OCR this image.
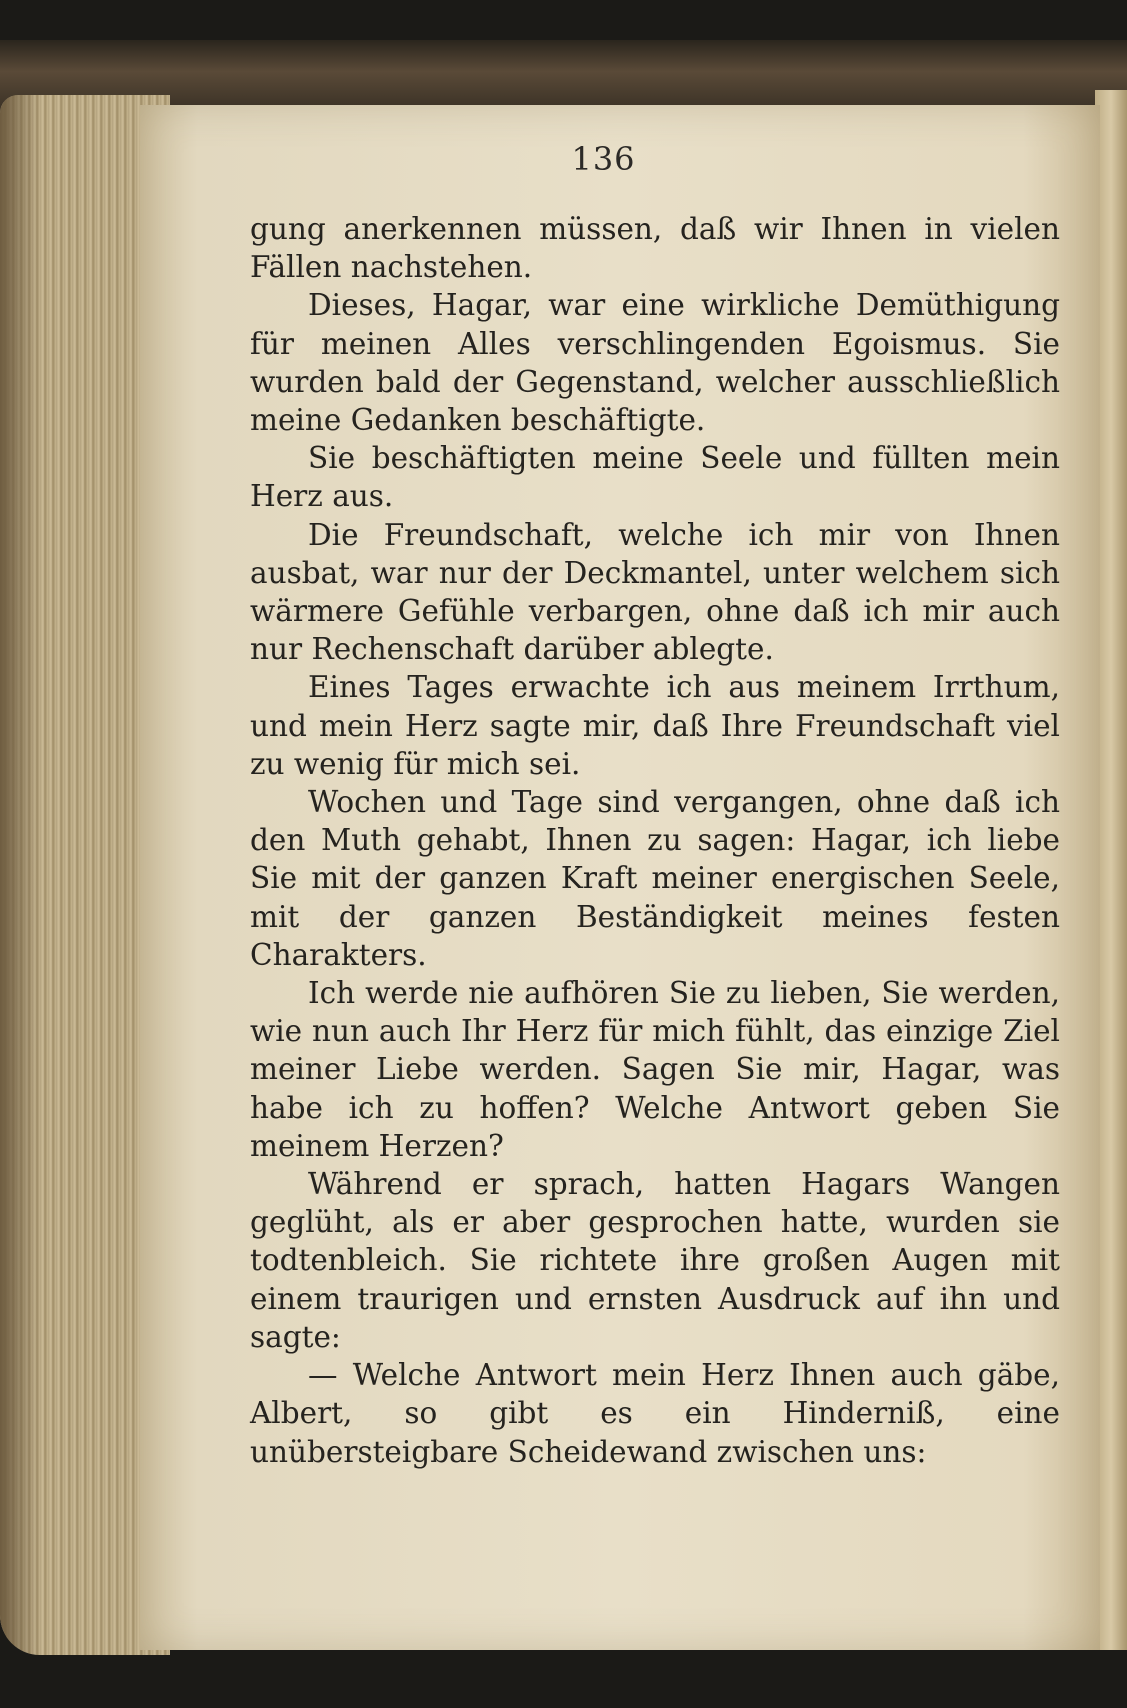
136

gung anerkennen müssen, daß wir Ihnen in vielen Fällen nachstehen.

Dieses, Hagar, war eine wirkliche Demüthigung für meinen Alles verschlingenden Egoismus. Sie wurden bald der Gegenstand, welcher ausschließlich meine Gedanken beschäftigte.

Sie beschäftigten meine Seele und füllten mein Herz aus.

Die Freundschaft, welche ich mir von Ihnen ausbat, war nur der Deckmantel, unter welchem sich wärmere Gefühle verbargen, ohne daß ich mir auch nur Rechenschaft darüber ablegte.

Eines Tages erwachte ich aus meinem Irrthum, und mein Herz sagte mir, daß Ihre Freundschaft viel zu wenig für mich sei.

Wochen und Tage sind vergangen, ohne daß ich den Muth gehabt, Ihnen zu sagen: Hagar, ich liebe Sie mit der ganzen Kraft meiner energischen Seele, mit der ganzen Beständigkeit meines festen Charakters.

Ich werde nie aufhören Sie zu lieben, Sie werden, wie nun auch Ihr Herz für mich fühlt, das einzige Ziel meiner Liebe werden. Sagen Sie mir, Hagar, was habe ich zu hoffen? Welche Antwort geben Sie meinem Herzen?

Während er sprach, hatten Hagars Wangen geglüht, als er aber gesprochen hatte, wurden sie todtenbleich. Sie richtete ihre großen Augen mit einem traurigen und ernsten Ausdruck auf ihn und sagte:

— Welche Antwort mein Herz Ihnen auch gäbe, Albert, so gibt es ein Hinderniß, eine unübersteigbare Scheidewand zwischen uns:
